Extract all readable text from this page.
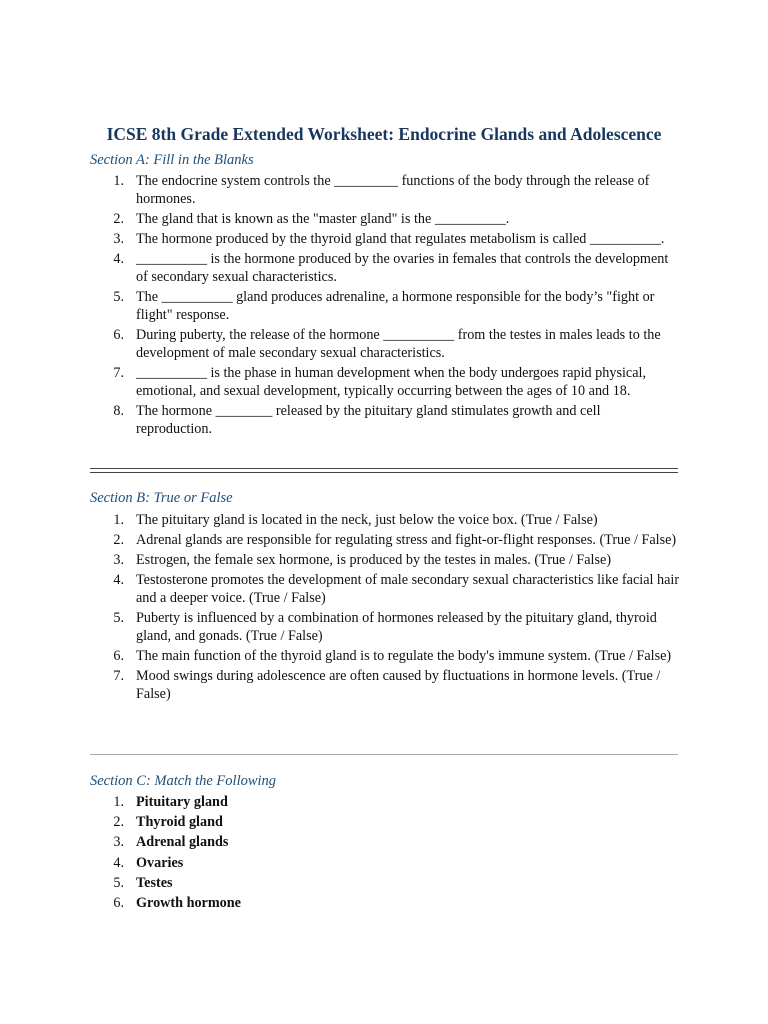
ICSE 8th Grade Extended Worksheet: Endocrine Glands and Adolescence
Section A: Fill in the Blanks
1. The endocrine system controls the _________ functions of the body through the release of hormones.
2. The gland that is known as the "master gland" is the __________.
3. The hormone produced by the thyroid gland that regulates metabolism is called __________.
4. __________ is the hormone produced by the ovaries in females that controls the development of secondary sexual characteristics.
5. The __________ gland produces adrenaline, a hormone responsible for the body’s "fight or flight" response.
6. During puberty, the release of the hormone __________ from the testes in males leads to the development of male secondary sexual characteristics.
7. __________ is the phase in human development when the body undergoes rapid physical, emotional, and sexual development, typically occurring between the ages of 10 and 18.
8. The hormone ________ released by the pituitary gland stimulates growth and cell reproduction.
Section B: True or False
1. The pituitary gland is located in the neck, just below the voice box. (True / False)
2. Adrenal glands are responsible for regulating stress and fight-or-flight responses. (True / False)
3. Estrogen, the female sex hormone, is produced by the testes in males. (True / False)
4. Testosterone promotes the development of male secondary sexual characteristics like facial hair and a deeper voice. (True / False)
5. Puberty is influenced by a combination of hormones released by the pituitary gland, thyroid gland, and gonads. (True / False)
6. The main function of the thyroid gland is to regulate the body's immune system. (True / False)
7. Mood swings during adolescence are often caused by fluctuations in hormone levels. (True / False)
Section C: Match the Following
1. Pituitary gland
2. Thyroid gland
3. Adrenal glands
4. Ovaries
5. Testes
6. Growth hormone
